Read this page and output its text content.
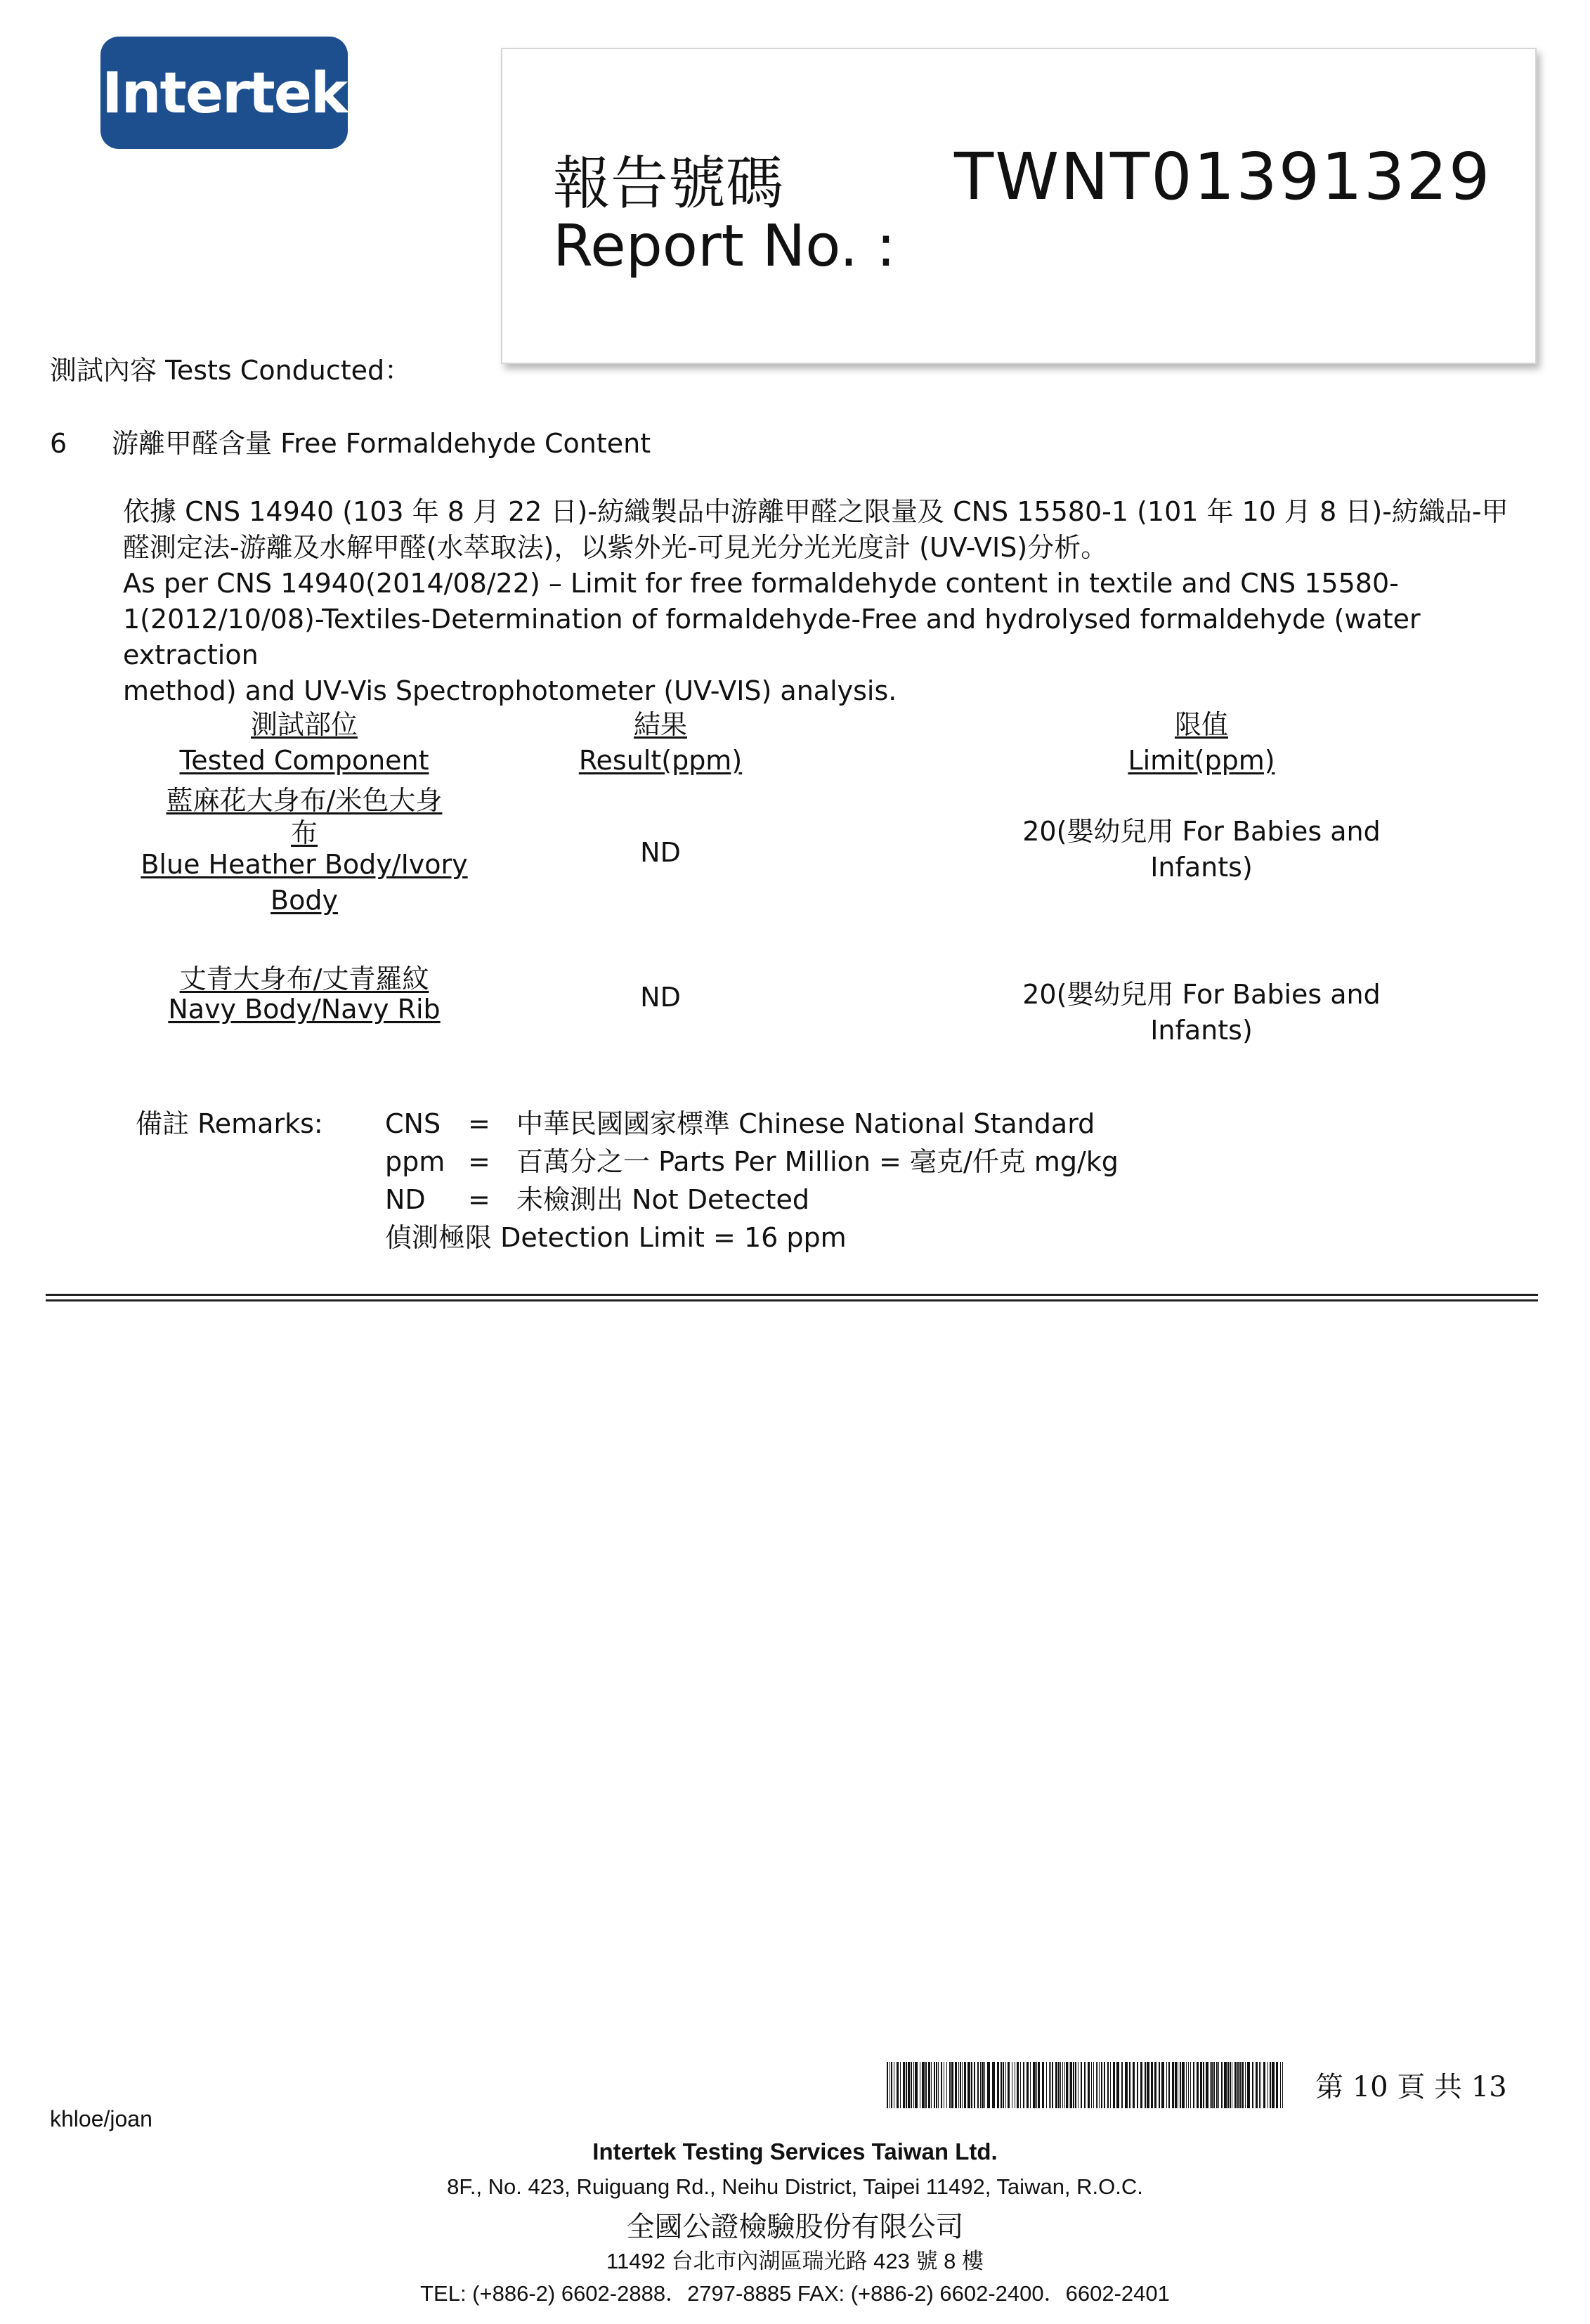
Intertek
報告號碼
Report No. :
TWNT01391329
測試內容 Tests Conducted：
6 游離甲醛含量 Free Formaldehyde Content
依據 CNS 14940 (103 年 8 月 22 日)-紡織製品中游離甲醛之限量及 CNS 15580-1 (101 年 10 月 8 日)-紡織品-甲
醛測定法-游離及水解甲醛(水萃取法)，以紫外光-可見光分光光度計 (UV-VIS)分析。
As per CNS 14940(2014/08/22) – Limit for free formaldehyde content in textile and CNS 15580-
1(2012/10/08)-Textiles-Determination of formaldehyde-Free and hydrolysed formaldehyde (water extraction
method) and UV-Vis Spectrophotometer (UV-VIS) analysis.
測試部位
Tested Component
結果
Result(ppm)
限值
Limit(ppm)
藍麻花大身布/米色大身
布
Blue Heather Body/Ivory
Body
ND
20(嬰幼兒用 For Babies and Infants)
丈青大身布/丈青羅紋
Navy Body/Navy Rib	ND	20(嬰幼兒用 For Babies and Infants)
備註 Remarks: CNS = 中華民國國家標準 Chinese National Standard
ppm = 百萬分之一 Parts Per Million = 毫克/仟克 mg/kg
ND = 未檢測出 Not Detected
偵測極限 Detection Limit = 16 ppm
第 10 頁 共 13
khloe/joan
Intertek Testing Services Taiwan Ltd.
8F., No. 423, Ruiguang Rd., Neihu District, Taipei 11492, Taiwan, R.O.C.
全國公證檢驗股份有限公司
11492 台北市內湖區瑞光路 423 號 8 樓
TEL: (+886-2) 6602-2888．2797-8885 FAX: (+886-2) 6602-2400．6602-2401
